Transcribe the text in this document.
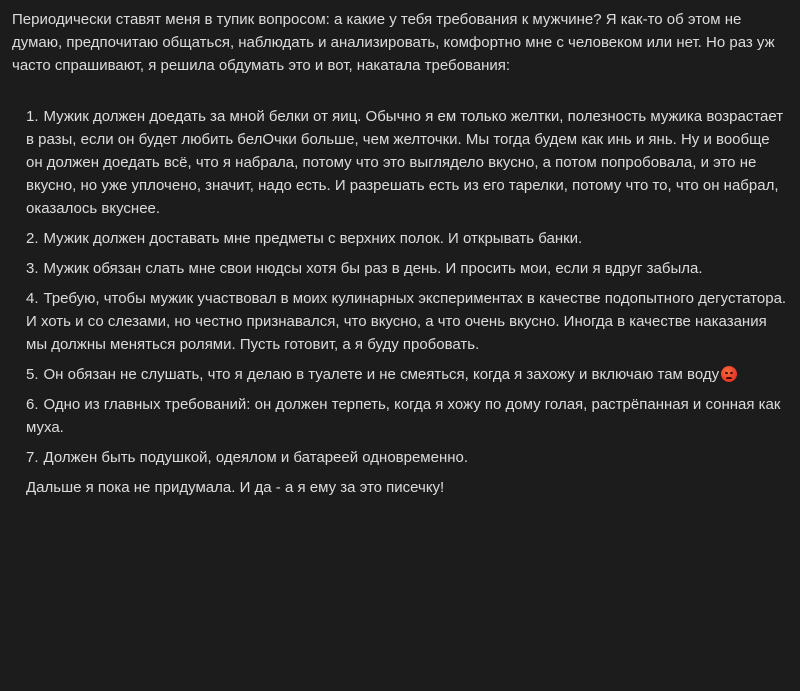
Периодически ставят меня в тупик вопросом: а какие у тебя требования к мужчине? Я как-то об этом не думаю, предпочитаю общаться, наблюдать и анализировать, комфортно мне с человеком или нет. Но раз уж часто спрашивают, я решила обдумать это и вот, накатала требования:

1. Мужик должен доедать за мной белки от яиц. Обычно я ем только желтки, полезность мужика возрастает в разы, если он будет любить белОчки больше, чем желточки. Мы тогда будем как инь и янь. Ну и вообще он должен доедать всё, что я набрала, потому что это выглядело вкусно, а потом попробовала, и это не вкусно, но уже уплочено, значит, надо есть. И разрешать есть из его тарелки, потому что то, что он набрал, оказалось вкуснее.
2. Мужик должен доставать мне предметы с верхних полок. И открывать банки.
3. Мужик обязан слать мне свои нюдсы хотя бы раз в день. И просить мои, если я вдруг забыла.
4. Требую, чтобы мужик участвовал в моих кулинарных экспериментах в качестве подопытного дегустатора. И хоть и со слезами, но честно признавался, что вкусно, а что очень вкусно. Иногда в качестве наказания мы должны меняться ролями. Пусть готовит, а я буду пробовать.
5. Он обязан не слушать, что я делаю в туалете и не смеяться, когда я захожу и включаю там воду
6. Одно из главных требований: он должен терпеть, когда я хожу по дому голая, растрёпанная и сонная как муха.
7. Должен быть подушкой, одеялом и батареей одновременно.

Дальше я пока не придумала. И да - а я ему за это писечку!
